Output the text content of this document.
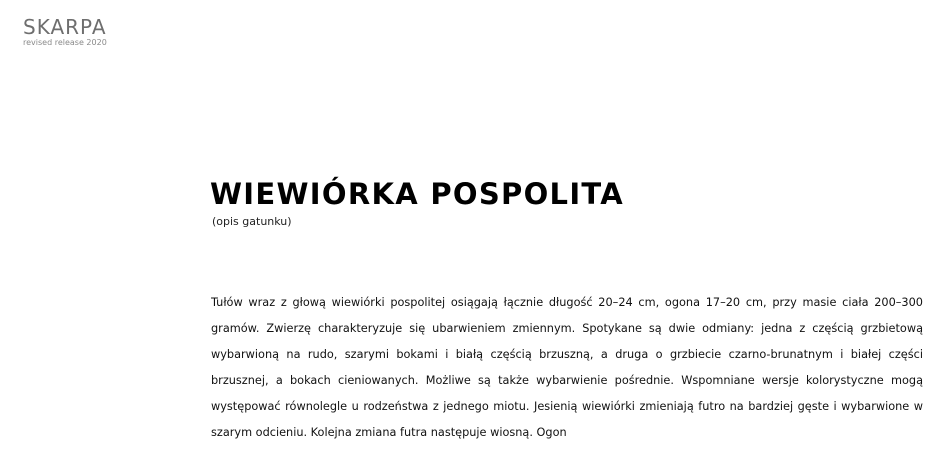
SKARPA
revised release 2020
WIEWIÓRKA POSPOLITA

(opis gatunku)

Tułów wraz z głową wiewiórki pospolitej osiągają łącznie długość 20–24 cm, ogona 17–20 cm, przy masie ciała 200–300 gramów. Zwierzę charakteryzuje się ubarwieniem zmiennym. Spotykane są dwie odmiany: jedna z częścią grzbietową wybarwioną na rudo, szarymi bokami i białą częścią brzuszną, a druga o grzbiecie czarno-brunatnym i białej części brzusznej, a bokach cieniowanych. Możliwe są także wybarwienie pośrednie. Wspomniane wersje kolorystyczne mogą występować równolegle u rodzeństwa z jednego miotu. Jesienią wiewiórki zmieniają futro na bardziej gęste i wybarwione w szarym odcieniu. Kolejna zmiana futra następuje wiosną. Ogon
